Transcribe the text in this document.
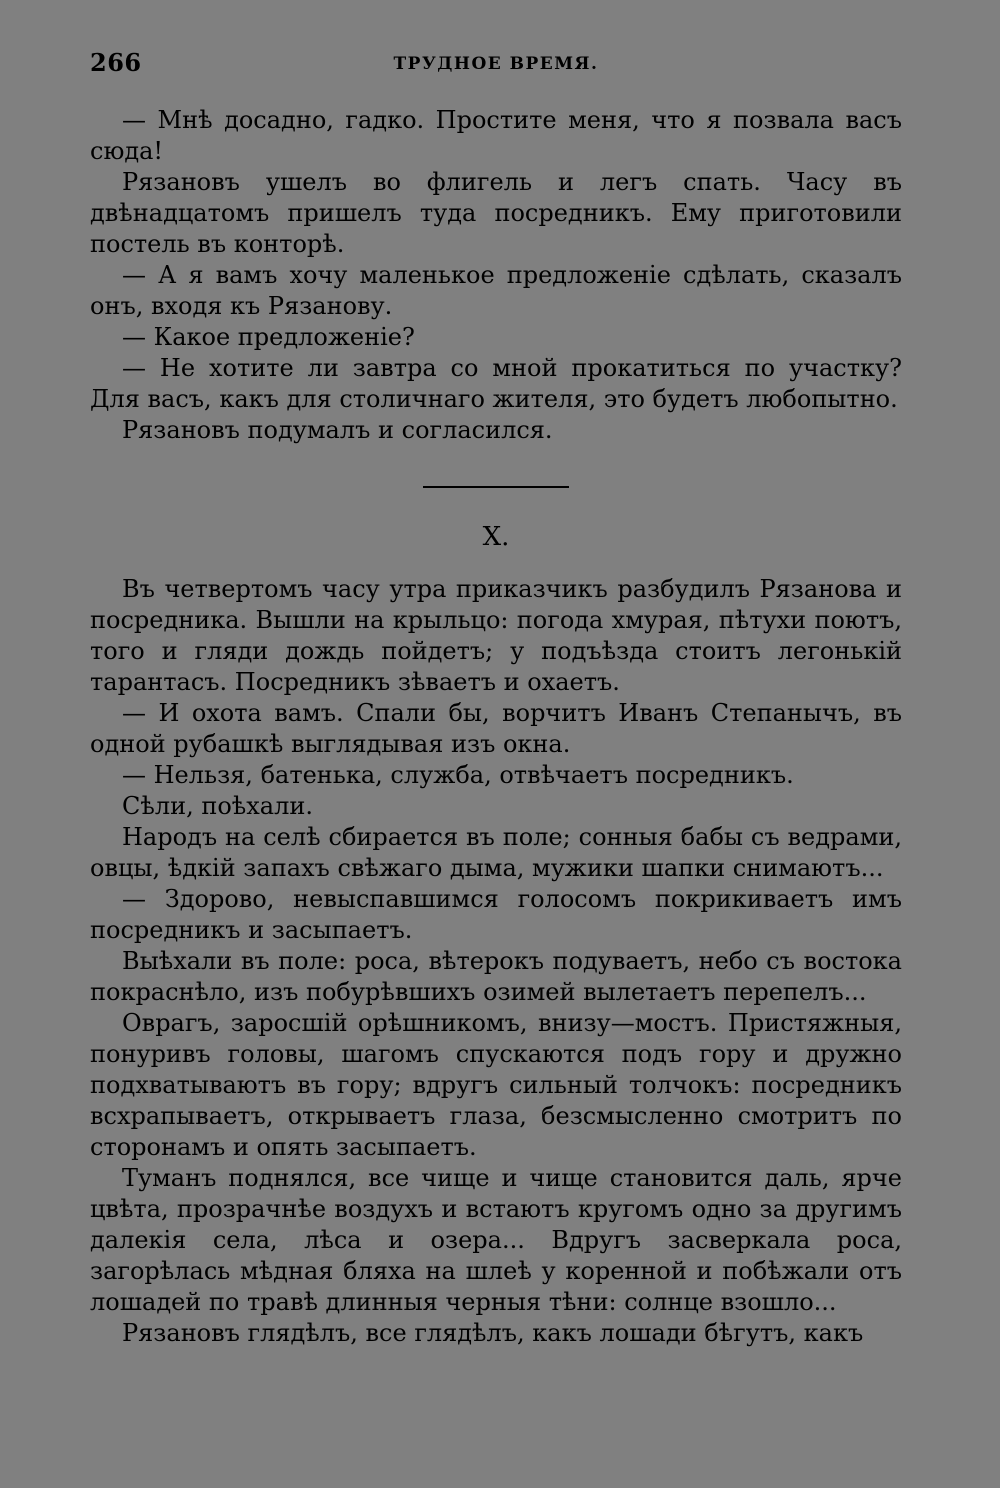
266	ТРУДНОЕ ВРЕМЯ.

— Мнѣ досадно, гадко. Простите меня, что я позвала васъ сюда!

Рязановъ ушелъ во флигель и легъ спать. Часу въ двѣнадцатомъ пришелъ туда посредникъ. Ему приготовили постель въ конторѣ.

— А я вамъ хочу маленькое предложеніе сдѣлать, сказалъ онъ, входя къ Рязанову.

— Какое предложеніе?

— Не хотите ли завтра со мной прокатиться по участку? Для васъ, какъ для столичнаго жителя, это будетъ любопытно.

Рязановъ подумалъ и согласился.

X.

Въ четвертомъ часу утра приказчикъ разбудилъ Рязанова и посредника. Вышли на крыльцо: погода хмурая, пѣтухи поютъ, того и гляди дождь пойдетъ; у подъѣзда стоитъ легонькій тарантасъ. Посредникъ зѣваетъ и охаетъ.

— И охота вамъ. Спали бы, ворчитъ Иванъ Степанычъ, въ одной рубашкѣ выглядывая изъ окна.

— Нельзя, батенька, служба, отвѣчаетъ посредникъ.

Сѣли, поѣхали.

Народъ на селѣ сбирается въ поле; сонныя бабы съ ведрами, овцы, ѣдкій запахъ свѣжаго дыма, мужики шапки снимаютъ...

— Здорово, невыспавшимся голосомъ покрикиваетъ имъ посредникъ и засыпаетъ.

Выѣхали въ поле: роса, вѣтерокъ подуваетъ, небо съ востока покраснѣло, изъ побурѣвшихъ озимей вылетаетъ перепелъ...

Оврагъ, заросшій орѣшникомъ, внизу—мостъ. Пристяжныя, понуривъ головы, шагомъ спускаются подъ гору и дружно подхватываютъ въ гору; вдругъ сильный толчокъ: посредникъ всхрапываетъ, открываетъ глаза, безсмысленно смотритъ по сторонамъ и опять засыпаетъ.

Туманъ поднялся, все чище и чище становится даль, ярче цвѣта, прозрачнѣе воздухъ и встаютъ кругомъ одно за другимъ далекія села, лѣса и озера... Вдругъ засверкала роса, загорѣлась мѣдная бляха на шлеѣ у коренной и побѣжали отъ лошадей по травѣ длинныя черныя тѣни: солнце взошло...

Рязановъ глядѣлъ, все глядѣлъ, какъ лошади бѣгутъ, какъ
